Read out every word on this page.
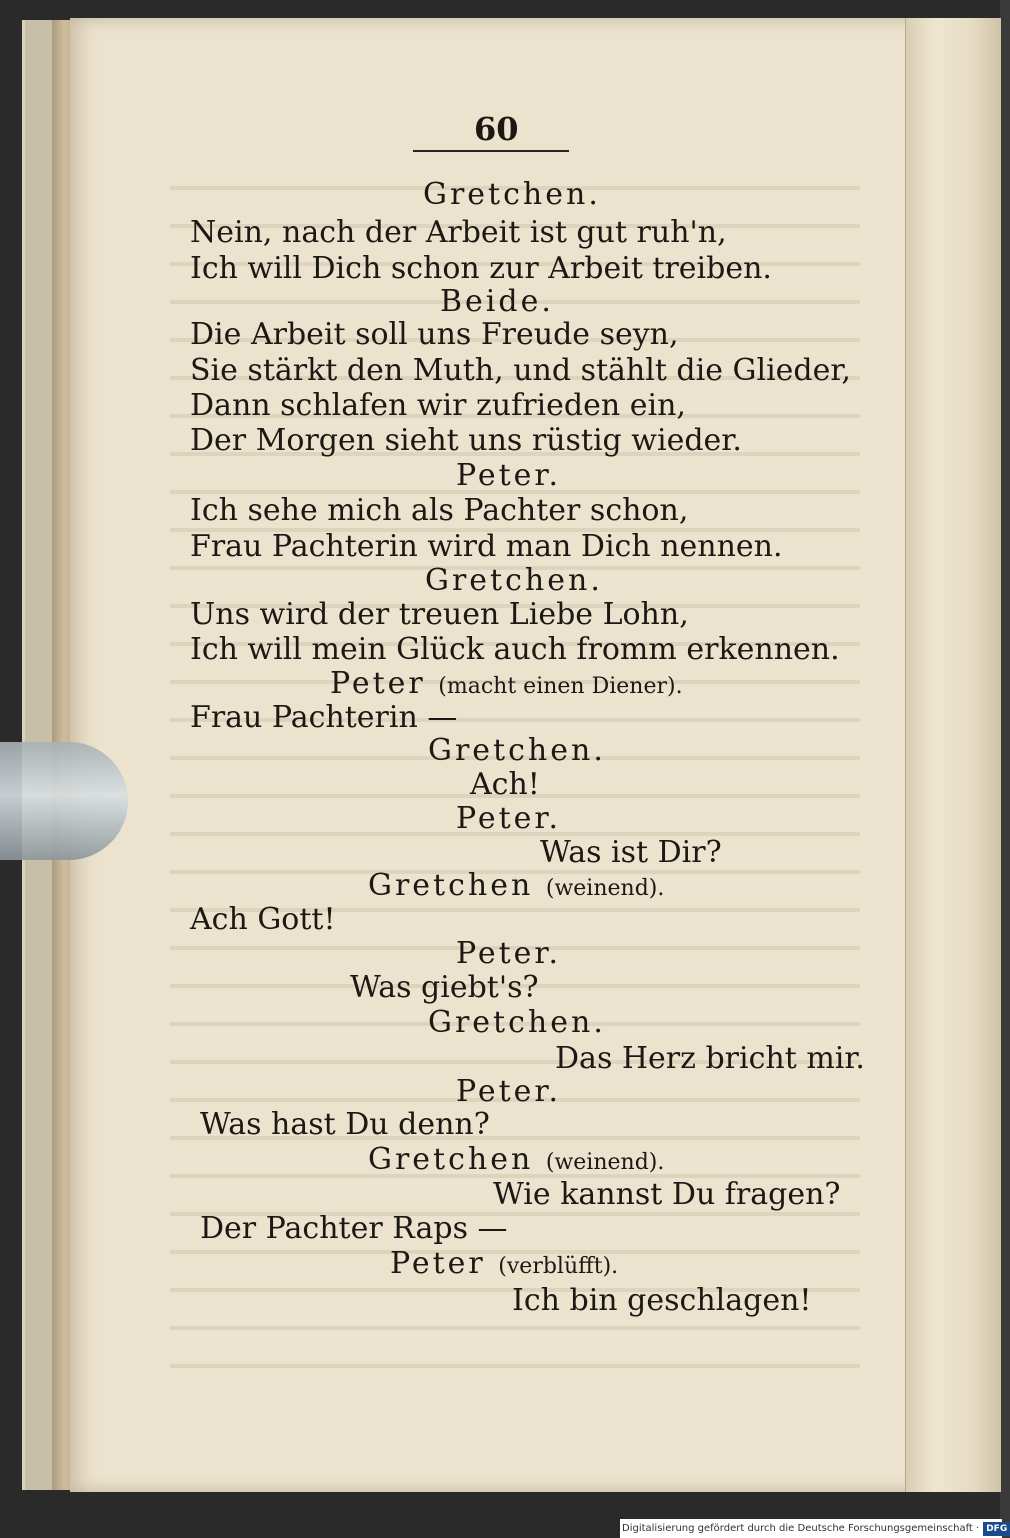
60
Gretchen.
Nein, nach der Arbeit ist gut ruh'n,
Ich will Dich schon zur Arbeit treiben.
Beide.
Die Arbeit soll uns Freude seyn,
Sie stärkt den Muth, und stählt die Glieder,
Dann schlafen wir zufrieden ein,
Der Morgen sieht uns rüstig wieder.
Peter.
Ich sehe mich als Pachter schon,
Frau Pachterin wird man Dich nennen.
Gretchen.
Uns wird der treuen Liebe Lohn,
Ich will mein Glück auch fromm erkennen.
Peter (macht einen Diener).
Frau Pachterin —
Gretchen.
Ach!
Peter.
Was ist Dir?
Gretchen (weinend).
Ach Gott!
Peter.
Was giebt's?
Gretchen.
Das Herz bricht mir.
Peter.
Was hast Du denn?
Gretchen (weinend).
Wie kannst Du fragen?
Der Pachter Raps —
Peter (verblüfft).
Ich bin geschlagen!
Digitalisierung gefördert durch die Deutsche Forschungsgemeinschaft · DFG
